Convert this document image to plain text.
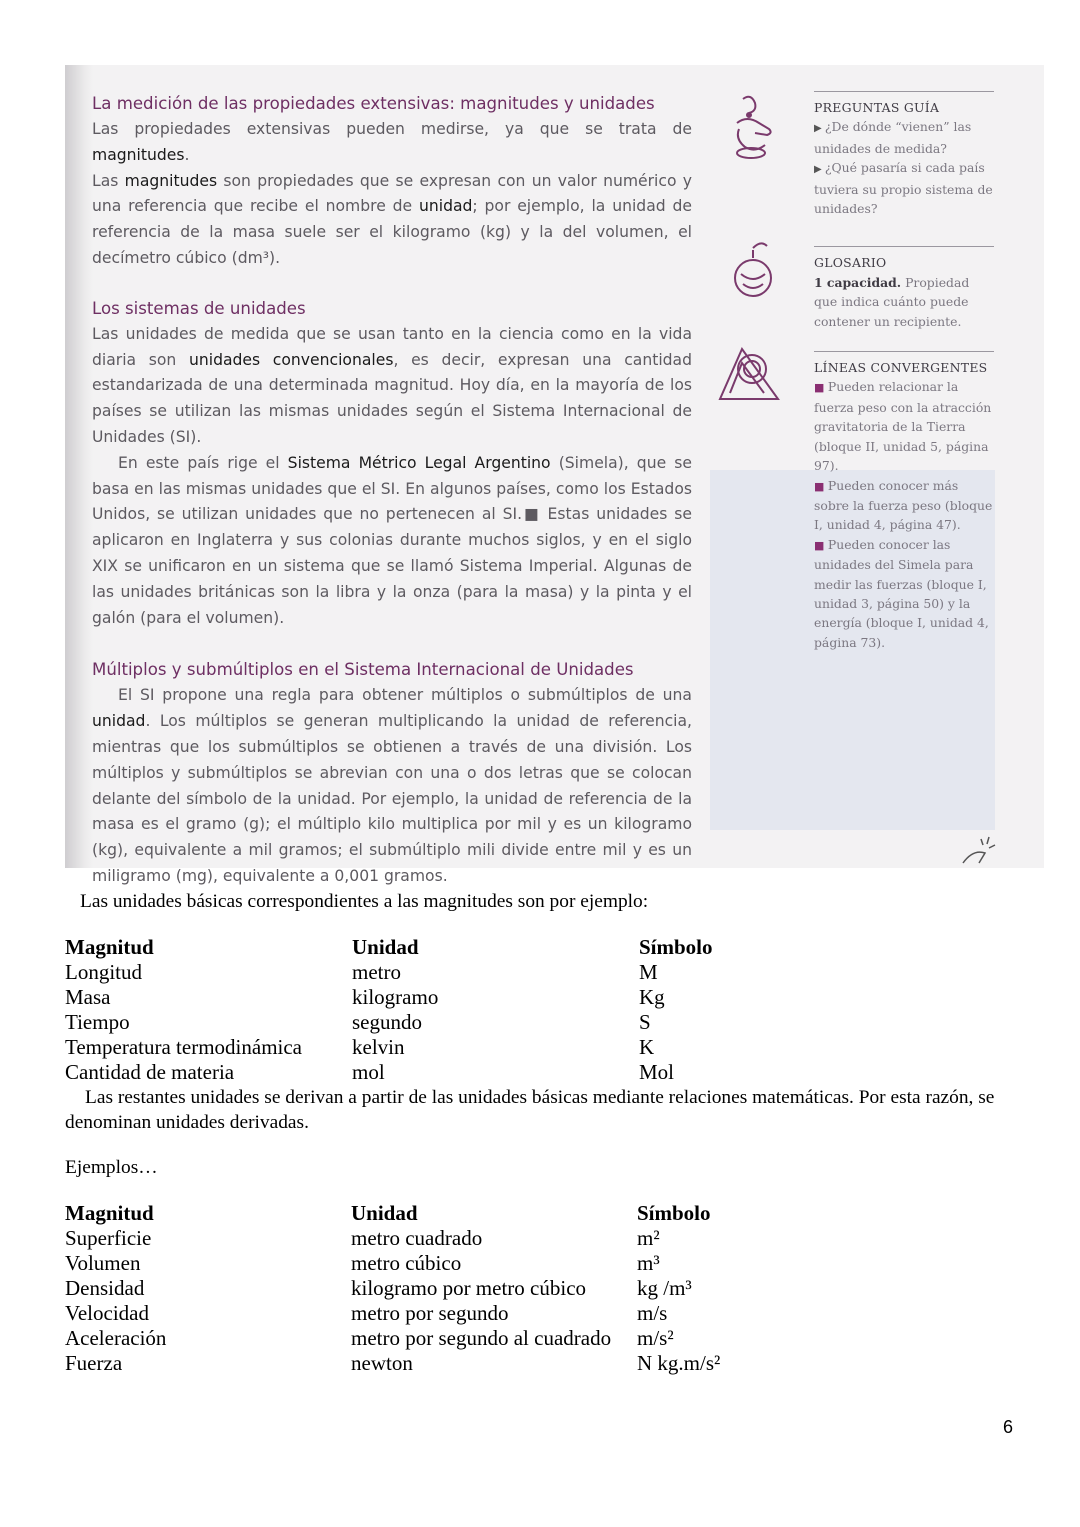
La medición de las propiedades extensivas: magnitudes y unidades

Las propiedades extensivas pueden medirse, ya que se trata de magnitudes.

Las magnitudes son propiedades que se expresan con un valor numérico y una referencia que recibe el nombre de unidad; por ejemplo, la unidad de referencia de la masa suele ser el kilogramo (kg) y la del volumen, el decímetro cúbico (dm³).

Los sistemas de unidades

Las unidades de medida que se usan tanto en la ciencia como en la vida diaria son unidades convencionales, es decir, expresan una cantidad estandarizada de una determinada magnitud. Hoy día, en la mayoría de los países se utilizan las mismas unidades según el Sistema Internacional de Unidades (SI).

En este país rige el Sistema Métrico Legal Argentino (Simela), que se basa en las mismas unidades que el SI. En algunos países, como los Estados Unidos, se utilizan unidades que no pertenecen al SI.■ Estas unidades se aplicaron en Inglaterra y sus colonias durante muchos siglos, y en el siglo XIX se unificaron en un sistema que se llamó Sistema Imperial. Algunas de las unidades británicas son la libra y la onza (para la masa) y la pinta y el galón (para el volumen).

Múltiplos y submúltiplos en el Sistema Internacional de Unidades

El SI propone una regla para obtener múltiplos o submúltiplos de una unidad. Los múltiplos se generan multiplicando la unidad de referencia, mientras que los submúltiplos se obtienen a través de una división. Los múltiplos y submúltiplos se abrevian con una o dos letras que se colocan delante del símbolo de la unidad. Por ejemplo, la unidad de referencia de la masa es el gramo (g); el múltiplo kilo multiplica por mil y es un kilogramo (kg), equivalente a mil gramos; el submúltiplo mili divide entre mil y es un miligramo (mg), equivalente a 0,001 gramos.

PREGUNTAS GUÍA

▶ ¿De dónde “vienen” las unidades de medida?

▶ ¿Qué pasaría si cada país tuviera su propio sistema de unidades?

GLOSARIO

1 capacidad. Propiedad que indica cuánto puede contener un recipiente.

LÍNEAS CONVERGENTES

■ Pueden relacionar la fuerza peso con la atracción gravitatoria de la Tierra (bloque II, unidad 5, página 97).

■ Pueden conocer más sobre la fuerza peso (bloque I, unidad 4, página 47).

■ Pueden conocer las unidades del Simela para medir las fuerzas (bloque I, unidad 3, página 50) y la energía (bloque I, unidad 4, página 73).

Las unidades básicas correspondientes a las magnitudes son por ejemplo:
Magnitud	Unidad	Símbolo
Longitud	metro	M
Masa	kilogramo	Kg
Tiempo	segundo	S
Temperatura termodinámica	kelvin	K
Cantidad de materia	mol	Mol
Las restantes unidades se derivan a partir de las unidades básicas mediante relaciones matemáticas. Por esta razón, se denominan unidades derivadas.
Ejemplos…
Magnitud	Unidad	Símbolo
Superficie	metro cuadrado	m²
Volumen	metro cúbico	m³
Densidad	kilogramo por metro cúbico	kg /m³
Velocidad	metro por segundo	m/s
Aceleración	metro por segundo al cuadrado	m/s²
Fuerza	newton	N kg.m/s²
6
